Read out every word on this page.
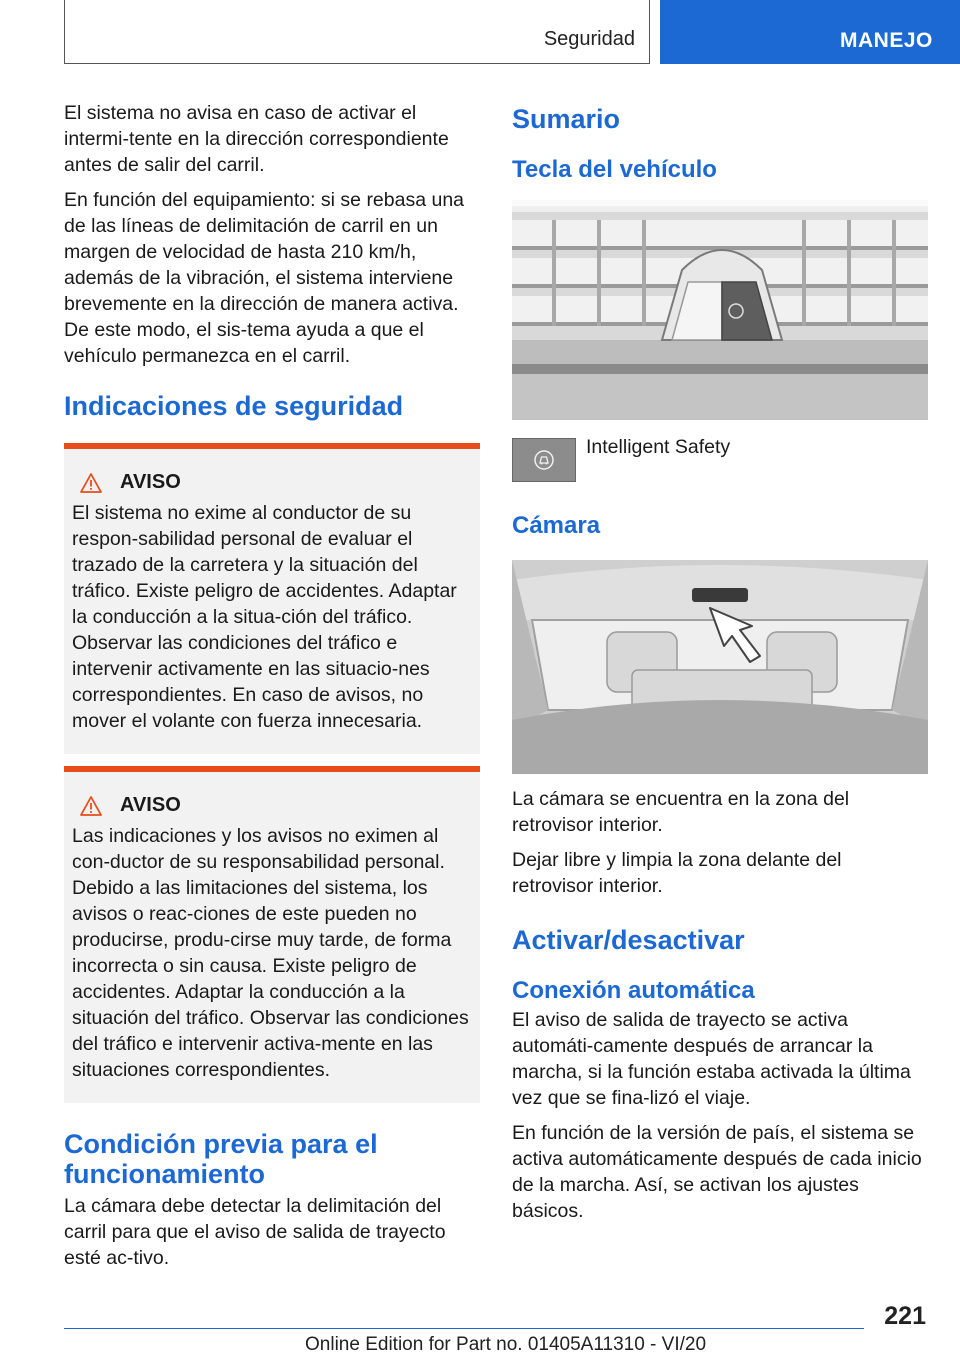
Seguridad	MANEJO

El sistema no avisa en caso de activar el intermi-tente en la dirección correspondiente antes de salir del carril.

En función del equipamiento: si se rebasa una de las líneas de delimitación de carril en un margen de velocidad de hasta 210 km/h, además de la vibración, el sistema interviene brevemente en la dirección de manera activa. De este modo, el sis-tema ayuda a que el vehículo permanezca en el carril.

Indicaciones de seguridad
AVISO

El sistema no exime al conductor de su respon-sabilidad personal de evaluar el trazado de la carretera y la situación del tráfico. Existe peligro de accidentes. Adaptar la conducción a la situa-ción del tráfico. Observar las condiciones del tráfico e intervenir activamente en las situacio-nes correspondientes. En caso de avisos, no mover el volante con fuerza innecesaria.

AVISO

Las indicaciones y los avisos no eximen al con-ductor de su responsabilidad personal. Debido a las limitaciones del sistema, los avisos o reac-ciones de este pueden no producirse, produ-cirse muy tarde, de forma incorrecta o sin causa. Existe peligro de accidentes. Adaptar la conducción a la situación del tráfico. Observar las condiciones del tráfico e intervenir activa-mente en las situaciones correspondientes.

Condición previa para el funcionamiento

La cámara debe detectar la delimitación del carril para que el aviso de salida de trayecto esté ac-tivo.

Sumario
Tecla del vehículo
Intelligent Safety
Cámara

La cámara se encuentra en la zona del retrovisor interior.

Dejar libre y limpia la zona delante del retrovisor interior.

Activar/desactivar
Conexión automática

El aviso de salida de trayecto se activa automáti-camente después de arrancar la marcha, si la función estaba activada la última vez que se fina-lizó el viaje.

En función de la versión de país, el sistema se activa automáticamente después de cada inicio de la marcha. Así, se activan los ajustes básicos.

221
Online Edition for Part no. 01405A11310 - VI/20
